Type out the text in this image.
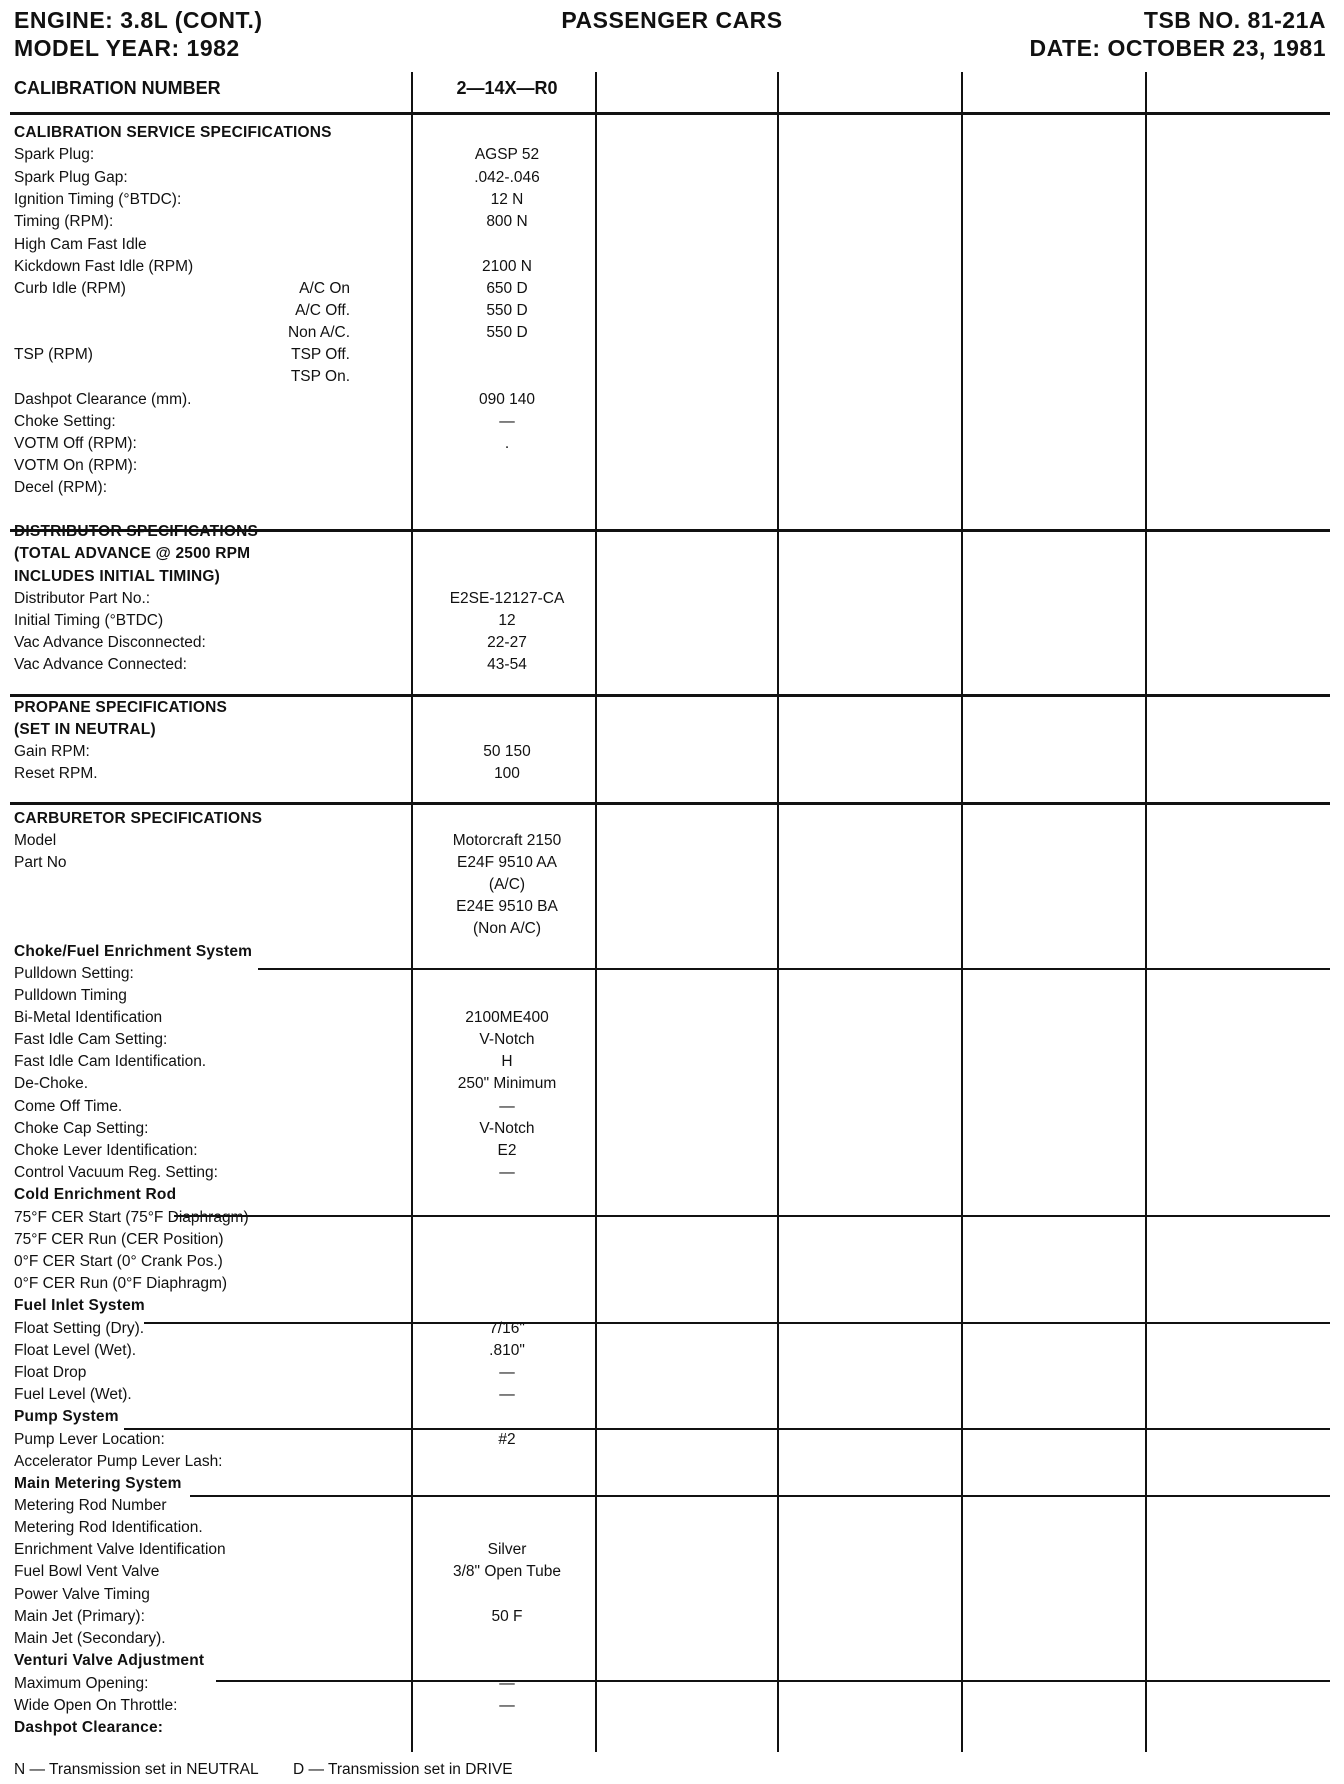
ENGINE: 3.8L (CONT.)
MODEL YEAR: 1982
PASSENGER CARS	TSB NO. 81-21A
DATE: OCTOBER 23, 1981
CALIBRATION NUMBER	2—14X—R0
CALIBRATION SERVICE SPECIFICATIONS
Spark Plug:	AGSP 52
Spark Plug Gap:	.042-.046
Ignition Timing (°BTDC):	12 N
Timing (RPM):	800 N
High Cam Fast Idle
Kickdown Fast Idle (RPM)	2100 N
Curb Idle (RPM)	A/C On	650 D
A/C Off.	550 D
Non A/C.	550 D
TSP (RPM)	TSP Off.
TSP On.
Dashpot Clearance (mm).	090 140
Choke Setting:	—
VOTM Off (RPM):	.
VOTM On (RPM):
Decel (RPM):
DISTRIBUTOR SPECIFICATIONS
(TOTAL ADVANCE @ 2500 RPM
INCLUDES INITIAL TIMING)
Distributor Part No.:	E2SE-12127-CA
Initial Timing (°BTDC)	12
Vac Advance Disconnected:	22-27
Vac Advance Connected:	43-54
PROPANE SPECIFICATIONS
(SET IN NEUTRAL)
Gain RPM:	50 150
Reset RPM.	100
CARBURETOR SPECIFICATIONS
Model	Motorcraft 2150
Part No	E24F 9510 AA
(A/C)
E24E 9510 BA
(Non A/C)
Choke/Fuel Enrichment System
Pulldown Setting:
Pulldown Timing
Bi-Metal Identification	2100ME400
Fast Idle Cam Setting:	V-Notch
Fast Idle Cam Identification.	H
De-Choke.	250" Minimum
Come Off Time.	—
Choke Cap Setting:	V-Notch
Choke Lever Identification:	E2
Control Vacuum Reg. Setting:	—
Cold Enrichment Rod
75°F CER Start (75°F Diaphragm)
75°F CER Run (CER Position)
0°F CER Start (0° Crank Pos.)
0°F CER Run (0°F Diaphragm)
Fuel Inlet System
Float Setting (Dry).	7/16"
Float Level (Wet).	.810"
Float Drop	—
Fuel Level (Wet).	—
Pump System
Pump Lever Location:	#2
Accelerator Pump Lever Lash:
Main Metering System
Metering Rod Number
Metering Rod Identification.
Enrichment Valve Identification	Silver
Fuel Bowl Vent Valve	3/8" Open Tube
Power Valve Timing
Main Jet (Primary):	50 F
Main Jet (Secondary).
Venturi Valve Adjustment
Maximum Opening:	—
Wide Open On Throttle:	—
Dashpot Clearance:
N — Transmission set in NEUTRAL D — Transmission set in DRIVE
